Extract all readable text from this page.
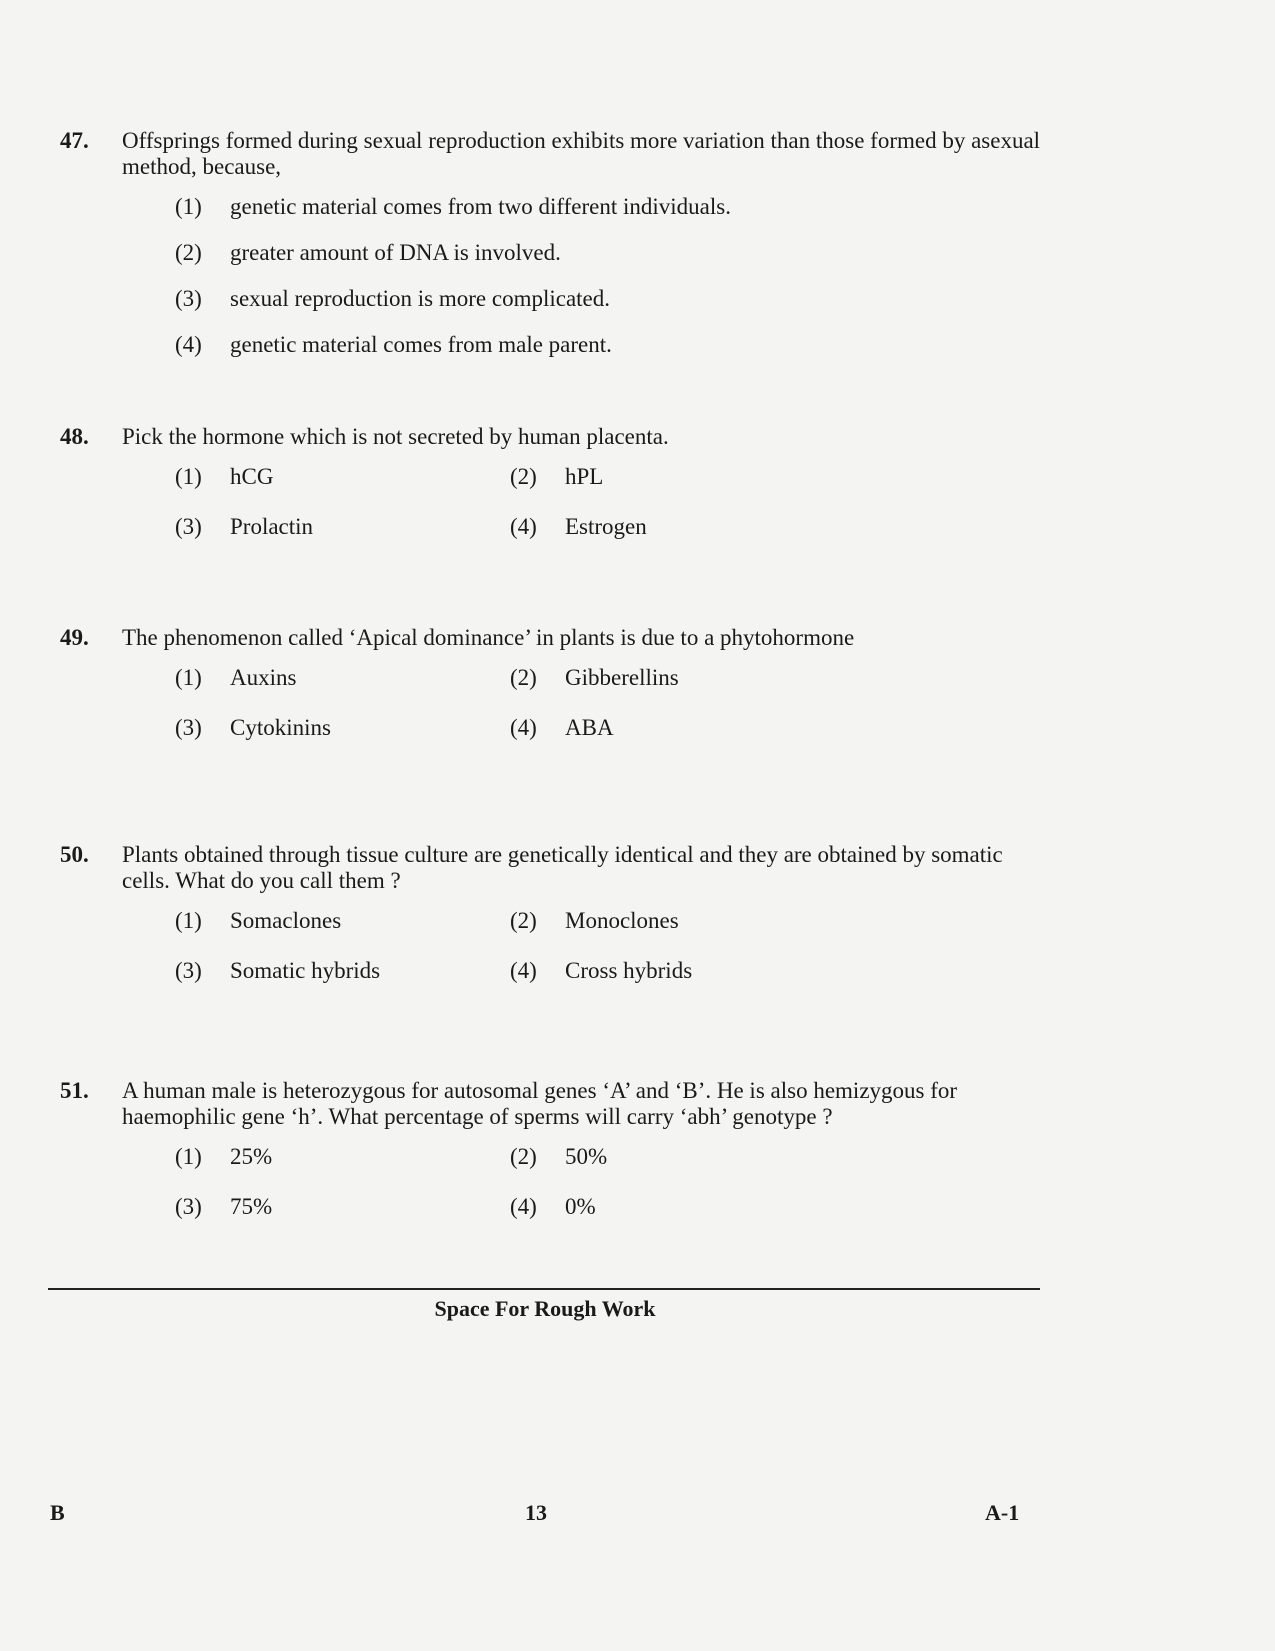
47.	Offsprings formed during sexual reproduction exhibits more variation than those formed by asexual method, because,
(1)	genetic material comes from two different individuals.
(2)	greater amount of DNA is involved.
(3)	sexual reproduction is more complicated.
(4)	genetic material comes from male parent.
48.	Pick the hormone which is not secreted by human placenta.
(1)	hCG	(2)	hPL
(3)	Prolactin	(4)	Estrogen
49.	The phenomenon called ‘Apical dominance’ in plants is due to a phytohormone
(1)	Auxins	(2)	Gibberellins
(3)	Cytokinins	(4)	ABA
50.	Plants obtained through tissue culture are genetically identical and they are obtained by somatic cells. What do you call them ?
(1)	Somaclones	(2)	Monoclones
(3)	Somatic hybrids	(4)	Cross hybrids
51.	A human male is heterozygous for autosomal genes ‘A’ and ‘B’. He is also hemizygous for haemophilic gene ‘h’. What percentage of sperms will carry ‘abh’ genotype ?
(1)	25%	(2)	50%
(3)	75%	(4)	0%
Space For Rough Work
B	13	A-1
